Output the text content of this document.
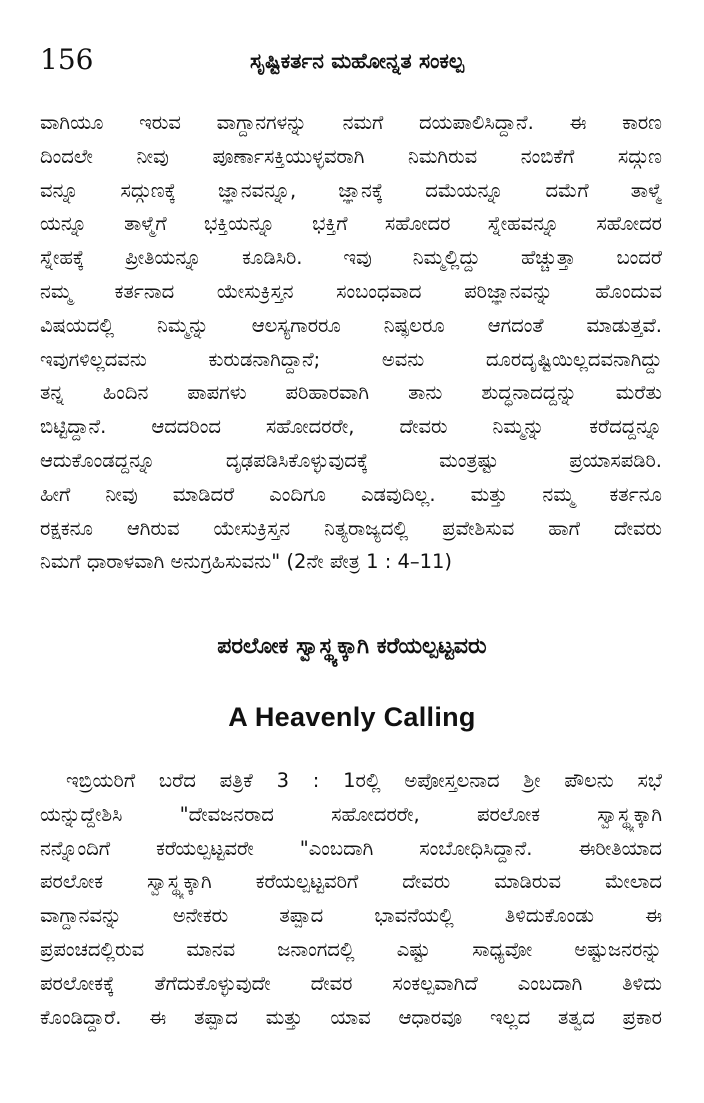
156	ಸೃಷ್ಟಿಕರ್ತನ ಮಹೋನ್ನತ ಸಂಕಲ್ಪ
ವಾಗಿಯೂ ಇರುವ ವಾಗ್ದಾನಗಳನ್ನು ನಮಗೆ ದಯಪಾಲಿಸಿದ್ದಾನೆ. ಈ ಕಾರಣ
ದಿಂದಲೇ ನೀವು ಪೂರ್ಣಾಸಕ್ತಿಯುಳ್ಳವರಾಗಿ ನಿಮಗಿರುವ ನಂಬಿಕೆಗೆ ಸದ್ಗುಣ
ವನ್ನೂ ಸದ್ಗುಣಕ್ಕೆ ಜ್ಞಾನವನ್ನೂ, ಜ್ಞಾನಕ್ಕೆ ದಮೆಯನ್ನೂ ದಮೆಗೆ ತಾಳ್ಮೆ
ಯನ್ನೂ ತಾಳ್ಮೆಗೆ ಭಕ್ತಿಯನ್ನೂ ಭಕ್ತಿಗೆ ಸಹೋದರ ಸ್ನೇಹವನ್ನೂ ಸಹೋದರ
ಸ್ನೇಹಕ್ಕೆ ಪ್ರೀತಿಯನ್ನೂ ಕೂಡಿಸಿರಿ. ಇವು ನಿಮ್ಮಲ್ಲಿದ್ದು ಹೆಚ್ಚುತ್ತಾ ಬಂದರೆ
ನಮ್ಮ ಕರ್ತನಾದ ಯೇಸುಕ್ರಿಸ್ತನ ಸಂಬಂಧವಾದ ಪರಿಜ್ಞಾನವನ್ನು ಹೊಂದುವ
ವಿಷಯದಲ್ಲಿ ನಿಮ್ಮನ್ನು ಆಲಸ್ಯಗಾರರೂ ನಿಷ್ಫಲರೂ ಆಗದಂತೆ ಮಾಡುತ್ತವೆ.
ಇವುಗಳಿಲ್ಲದವನು ಕುರುಡನಾಗಿದ್ದಾನೆ; ಅವನು ದೂರದೃಷ್ಟಿಯಿಲ್ಲದವನಾಗಿದ್ದು
ತನ್ನ ಹಿಂದಿನ ಪಾಪಗಳು ಪರಿಹಾರವಾಗಿ ತಾನು ಶುದ್ಧನಾದದ್ದನ್ನು ಮರೆತು
ಬಿಟ್ಟಿದ್ದಾನೆ. ಆದದರಿಂದ ಸಹೋದರರೇ, ದೇವರು ನಿಮ್ಮನ್ನು ಕರೆದದ್ದನ್ನೂ
ಆದುಕೊಂಡದ್ದನ್ನೂ ದೃಢಪಡಿಸಿಕೊಳ್ಳುವುದಕ್ಕೆ ಮಂತ್ರಷ್ಟು ಪ್ರಯಾಸಪಡಿರಿ.
ಹೀಗೆ ನೀವು ಮಾಡಿದರೆ ಎಂದಿಗೂ ಎಡವುದಿಲ್ಲ. ಮತ್ತು ನಮ್ಮ ಕರ್ತನೂ
ರಕ್ಷಕನೂ ಆಗಿರುವ ಯೇಸುಕ್ರಿಸ್ತನ ನಿತ್ಯರಾಜ್ಯದಲ್ಲಿ ಪ್ರವೇಶಿಸುವ ಹಾಗೆ ದೇವರು
ನಿಮಗೆ ಧಾರಾಳವಾಗಿ ಅನುಗ್ರಹಿಸುವನು" (2ನೇ ಪೇತ್ರ 1 : 4–11)
ಪರಲೋಕ ಸ್ವಾಸ್ಥ್ಯಕ್ಕಾಗಿ ಕರೆಯಲ್ಪಟ್ಟವರು
A Heavenly Calling
ಇಬ್ರಿಯರಿಗೆ ಬರೆದ ಪತ್ರಿಕೆ 3 : 1ರಲ್ಲಿ ಅಪೋಸ್ತಲನಾದ ಶ್ರೀ ಪೌಲನು ಸಭೆ
ಯನ್ನುದ್ದೇಶಿಸಿ "ದೇವಜನರಾದ ಸಹೋದರರೇ, ಪರಲೋಕ ಸ್ವಾಸ್ಥ್ಯಕ್ಕಾಗಿ
ನನ್ನೊಂದಿಗೆ ಕರೆಯಲ್ಪಟ್ಟವರೇ "ಎಂಬದಾಗಿ ಸಂಬೋಧಿಸಿದ್ದಾನೆ. ಈರೀತಿಯಾದ
ಪರಲೋಕ ಸ್ವಾಸ್ಥ್ಯಕ್ಕಾಗಿ ಕರೆಯಲ್ಪಟ್ಟವರಿಗೆ ದೇವರು ಮಾಡಿರುವ ಮೇಲಾದ
ವಾಗ್ದಾನವನ್ನು ಅನೇಕರು ತಪ್ಪಾದ ಭಾವನೆಯಲ್ಲಿ ತಿಳಿದುಕೊಂಡು ಈ
ಪ್ರಪಂಚದಲ್ಲಿರುವ ಮಾನವ ಜನಾಂಗದಲ್ಲಿ ಎಷ್ಟು ಸಾಧ್ಯವೋ ಅಷ್ಟುಜನರನ್ನು
ಪರಲೋಕಕ್ಕೆ ತೆಗೆದುಕೊಳ್ಳುವುದೇ ದೇವರ ಸಂಕಲ್ಪವಾಗಿದೆ ಎಂಬದಾಗಿ ತಿಳಿದು
ಕೊಂಡಿದ್ದಾರೆ. ಈ ತಪ್ಪಾದ ಮತ್ತು ಯಾವ ಆಧಾರವೂ ಇಲ್ಲದ ತತ್ವದ ಪ್ರಕಾರ
